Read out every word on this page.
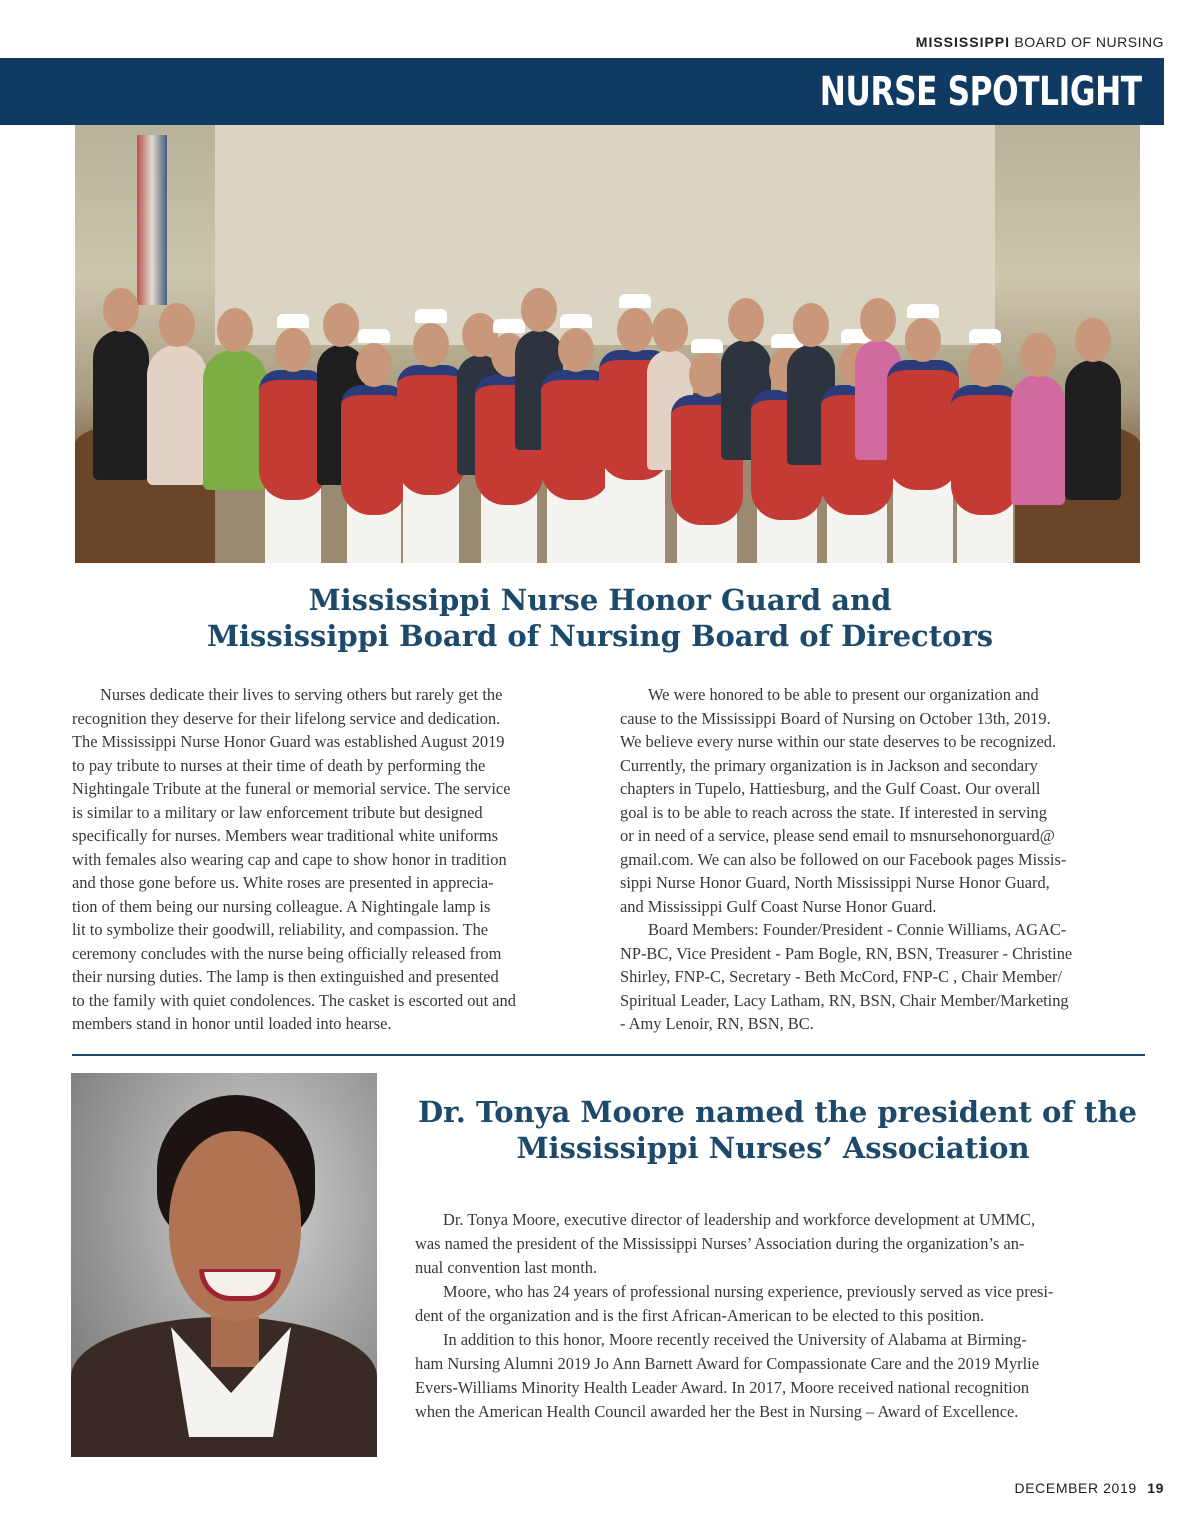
MISSISSIPPI BOARD OF NURSING
NURSE SPOTLIGHT
Mississippi Nurse Honor Guard and
Mississippi Board of Nursing Board of Directors
Nurses dedicate their lives to serving others but rarely get the
recognition they deserve for their lifelong service and dedication.
The Mississippi Nurse Honor Guard was established August 2019
to pay tribute to nurses at their time of death by performing the
Nightingale Tribute at the funeral or memorial service. The service
is similar to a military or law enforcement tribute but designed
specifically for nurses. Members wear traditional white uniforms
with females also wearing cap and cape to show honor in tradition
and those gone before us. White roses are presented in apprecia-
tion of them being our nursing colleague. A Nightingale lamp is
lit to symbolize their goodwill, reliability, and compassion. The
ceremony concludes with the nurse being officially released from
their nursing duties. The lamp is then extinguished and presented
to the family with quiet condolences. The casket is escorted out and
members stand in honor until loaded into hearse.
We were honored to be able to present our organization and
cause to the Mississippi Board of Nursing on October 13th, 2019.
We believe every nurse within our state deserves to be recognized.
Currently, the primary organization is in Jackson and secondary
chapters in Tupelo, Hattiesburg, and the Gulf Coast. Our overall
goal is to be able to reach across the state. If interested in serving
or in need of a service, please send email to msnursehonorguard@
gmail.com. We can also be followed on our Facebook pages Missis-
sippi Nurse Honor Guard, North Mississippi Nurse Honor Guard,
and Mississippi Gulf Coast Nurse Honor Guard.
Board Members: Founder/President - Connie Williams, AGAC-
NP-BC, Vice President - Pam Bogle, RN, BSN, Treasurer - Christine
Shirley, FNP-C, Secretary - Beth McCord, FNP-C , Chair Member/
Spiritual Leader, Lacy Latham, RN, BSN, Chair Member/Marketing
- Amy Lenoir, RN, BSN, BC.
Dr. Tonya Moore named the president of the
Mississippi Nurses’ Association
Dr. Tonya Moore, executive director of leadership and workforce development at UMMC,
was named the president of the Mississippi Nurses’ Association during the organization’s an-
nual convention last month.
Moore, who has 24 years of professional nursing experience, previously served as vice presi-
dent of the organization and is the first African-American to be elected to this position.
In addition to this honor, Moore recently received the University of Alabama at Birming-
ham Nursing Alumni 2019 Jo Ann Barnett Award for Compassionate Care and the 2019 Myrlie
Evers-Williams Minority Health Leader Award. In 2017, Moore received national recognition
when the American Health Council awarded her the Best in Nursing – Award of Excellence.
DECEMBER 2019 19
